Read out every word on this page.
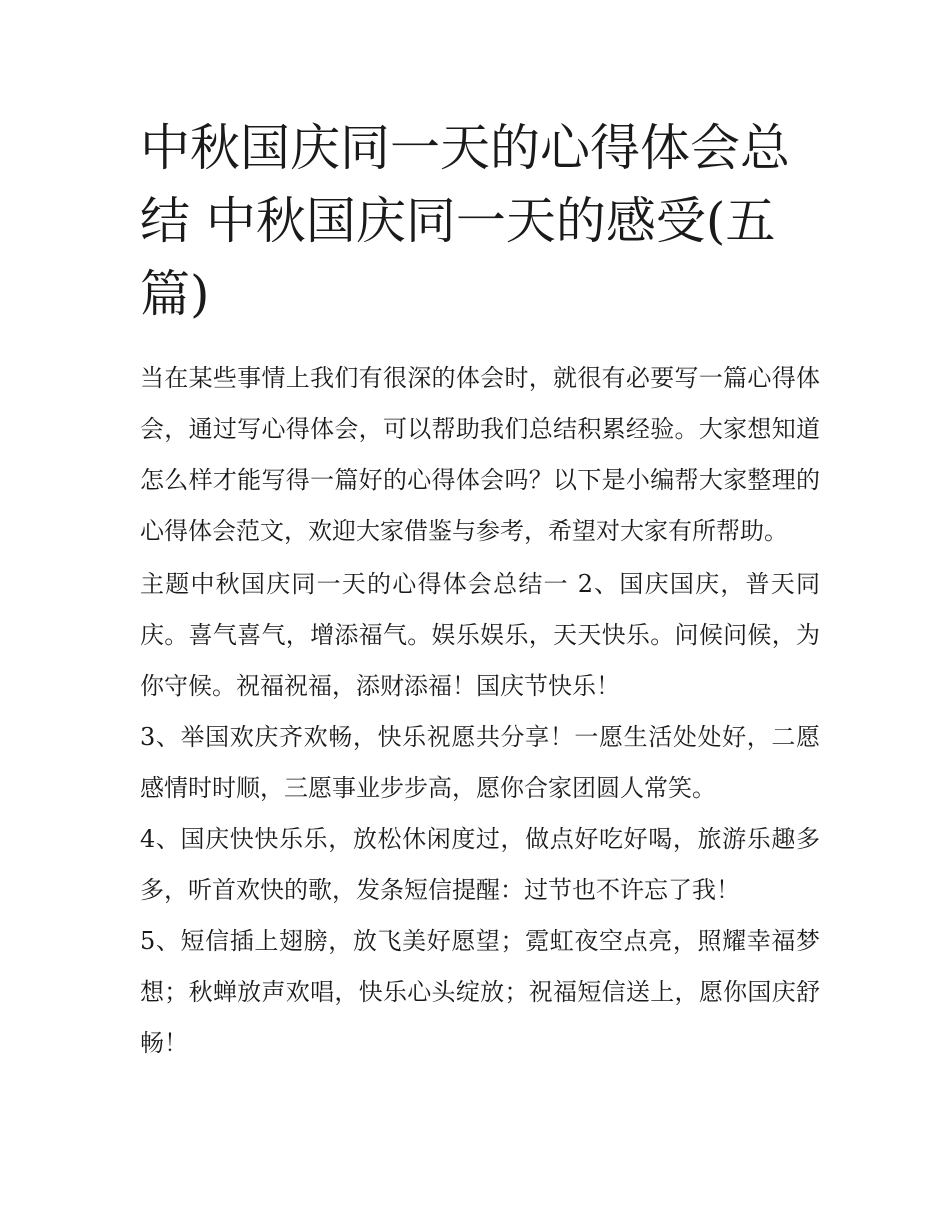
中秋国庆同一天的心得体会总结 中秋国庆同一天的感受(五篇)

当在某些事情上我们有很深的体会时，就很有必要写一篇心得体会，通过写心得体会，可以帮助我们总结积累经验。大家想知道怎么样才能写得一篇好的心得体会吗？以下是小编帮大家整理的心得体会范文，欢迎大家借鉴与参考，希望对大家有所帮助。

主题中秋国庆同一天的心得体会总结一 2、国庆国庆，普天同庆。喜气喜气，增添福气。娱乐娱乐，天天快乐。问候问候，为你守候。祝福祝福，添财添福！国庆节快乐！

3、举国欢庆齐欢畅，快乐祝愿共分享！一愿生活处处好，二愿感情时时顺，三愿事业步步高，愿你合家团圆人常笑。

4、国庆快快乐乐，放松休闲度过，做点好吃好喝，旅游乐趣多多，听首欢快的歌，发条短信提醒：过节也不许忘了我！

5、短信插上翅膀，放飞美好愿望；霓虹夜空点亮，照耀幸福梦想；秋蝉放声欢唱，快乐心头绽放；祝福短信送上，愿你国庆舒畅！
